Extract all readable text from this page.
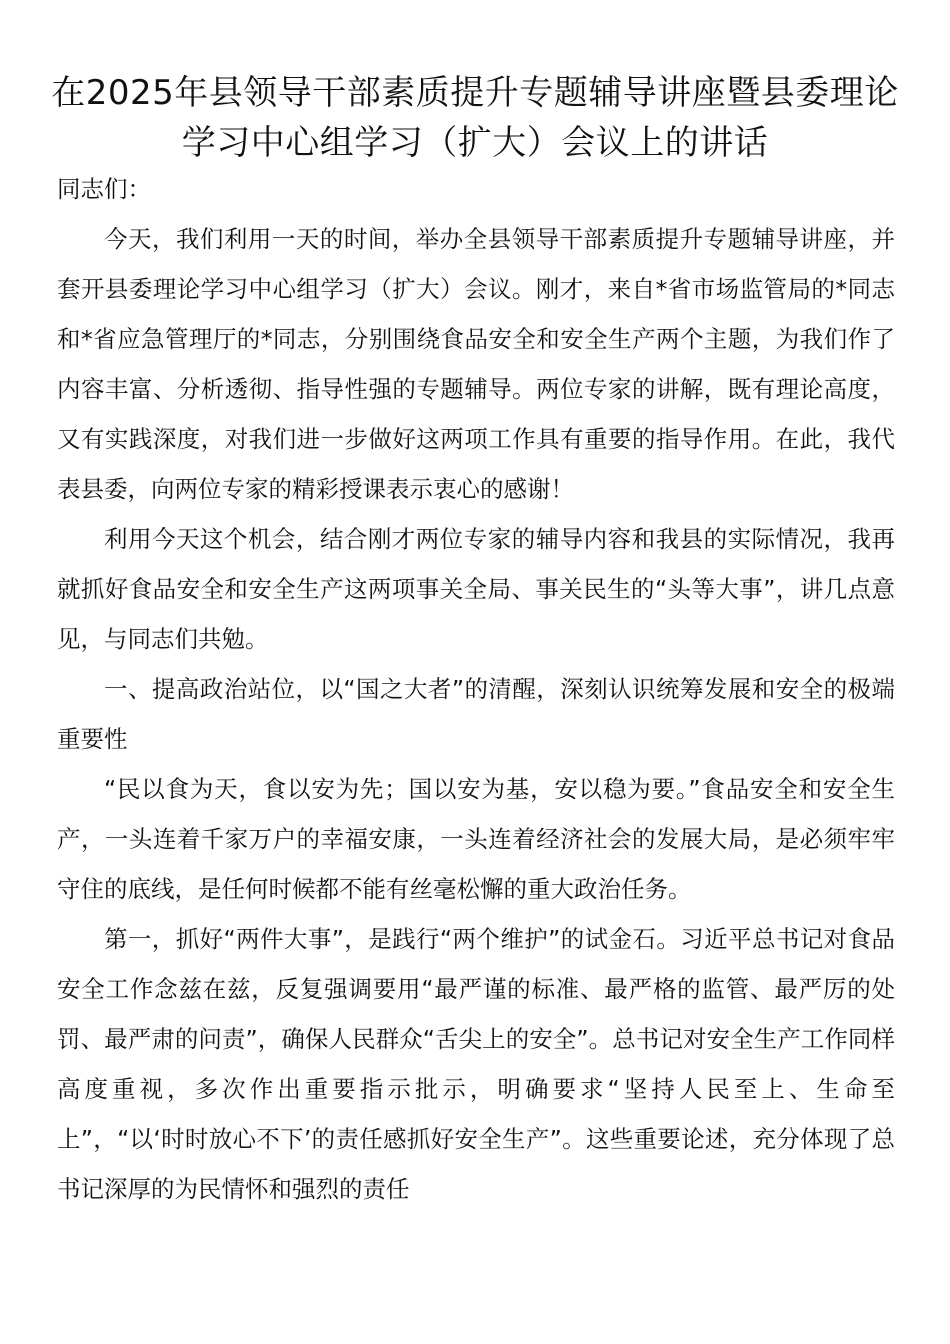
在2025年县领导干部素质提升专题辅导讲座暨县委理论学习中心组学习（扩大）会议上的讲话

同志们：

今天，我们利用一天的时间，举办全县领导干部素质提升专题辅导讲座，并套开县委理论学习中心组学习（扩大）会议。刚才，来自*省市场监管局的*同志和*省应急管理厅的*同志，分别围绕食品安全和安全生产两个主题，为我们作了内容丰富、分析透彻、指导性强的专题辅导。两位专家的讲解，既有理论高度，又有实践深度，对我们进一步做好这两项工作具有重要的指导作用。在此，我代表县委，向两位专家的精彩授课表示衷心的感谢！

利用今天这个机会，结合刚才两位专家的辅导内容和我县的实际情况，我再就抓好食品安全和安全生产这两项事关全局、事关民生的“头等大事”，讲几点意见，与同志们共勉。

一、提高政治站位，以“国之大者”的清醒，深刻认识统筹发展和安全的极端重要性

“民以食为天，食以安为先；国以安为基，安以稳为要。”食品安全和安全生产，一头连着千家万户的幸福安康，一头连着经济社会的发展大局，是必须牢牢守住的底线，是任何时候都不能有丝毫松懈的重大政治任务。

第一，抓好“两件大事”，是践行“两个维护”的试金石。习近平总书记对食品安全工作念兹在兹，反复强调要用“最严谨的标准、最严格的监管、最严厉的处罚、最严肃的问责”，确保人民群众“舌尖上的安全”。总书记对安全生产工作同样高度重视，多次作出重要指示批示，明确要求“坚持人民至上、生命至上”，“以‘时时放心不下’的责任感抓好安全生产”。这些重要论述，充分体现了总书记深厚的为民情怀和强烈的责任
